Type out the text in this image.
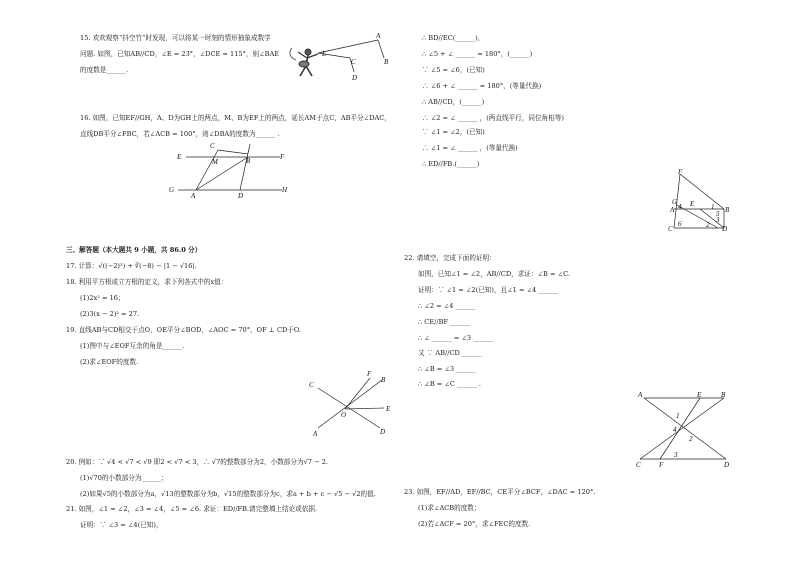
15. 欢欢观察“抖空竹”时发现，可以将某一时刻的情形抽象成数学
问题. 如图，已知AB//CD，∠E = 23°，∠DCE = 115°，则∠BAE
的度数是______.
A
B
C
D
E
16. 如图，已知EF//GH，A、D为GH上的两点，M、B为EF上的两点，延长AM于点C，AB平分∠DAC，
直线DB平分∠FBC，若∠ACB = 100°，则∠DBA的度数为______ .
C
E
M	B	F
G
A	D
H
三、解答题（本大题共 9 小题，共 86.0 分）
17. 计算：√((−2)²) + ∛(−8) − |1 − √16|.
18. 利用平方根或立方根的定义，求下列各式中的x值：
(1)2x² = 16；
(2)3(x − 2)² = 27.
19. 直线AB与CD相交于点O，OE平分∠BOD，∠AOC = 70°，OF ⊥ CD于O.
(1)图中与∠EOF互余的角是______.
(2)求∠EOF的度数.
C
F
B
E
O
A	D
20. 例如：∵ √4 < √7 < √9 即2 < √7 < 3，∴ √7的整数部分为2，小数部分为√7 − 2.
(1)√70的小数部分为______；
(2)如果√5的小数部分为a，√13的整数部分为b，√15的整数部分为c，求a + b + c − √5 − √2的值.
21. 如图，∠1 = ∠2，∠3 = ∠4，∠5 = ∠6. 求证：ED//FB.请完整填上结论或依据.
证明：∵ ∠3 = ∠4(已知)，
∴ BD//EC(______)，
∴ ∠5 + ∠ ______ = 180°，(______)
∵ ∠5 = ∠6，(已知)
∴ ∠6 + ∠ ______ = 180°，(等量代换)
∴ AB//CD，(______)
∴ ∠2 = ∠ ______ ，(两直线平行，同位角相等)
∵ ∠1 = ∠2，(已知)
∴ ∠1 = ∠ ______ ，(等量代换)
∴ ED//FB.(______)
F
A
G E
B
C
6
4
2
1
5
3
D
22. 请填空，完成下面的证明：
如图，已知∠1 = ∠2，AB//CD，求证：∠B = ∠C.
证明：∵ ∠1 = ∠2(已知)，且∠1 = ∠4 ______
∴ ∠2 = ∠4 ______
∴ CE//BF ______
∴ ∠ ______ = ∠3 ______
又 ∵ AB//CD ______
∴ ∠B = ∠3 ______
∴ ∠B = ∠C ______ .
A	E	B
1
4
2
3
C	F	D
23. 如图，EF//AD，EF//BC，CE平分∠BCF，∠DAC = 120°.
(1)求∠ACB的度数；
(2)若∠ACF = 20°，求∠FEC的度数.
